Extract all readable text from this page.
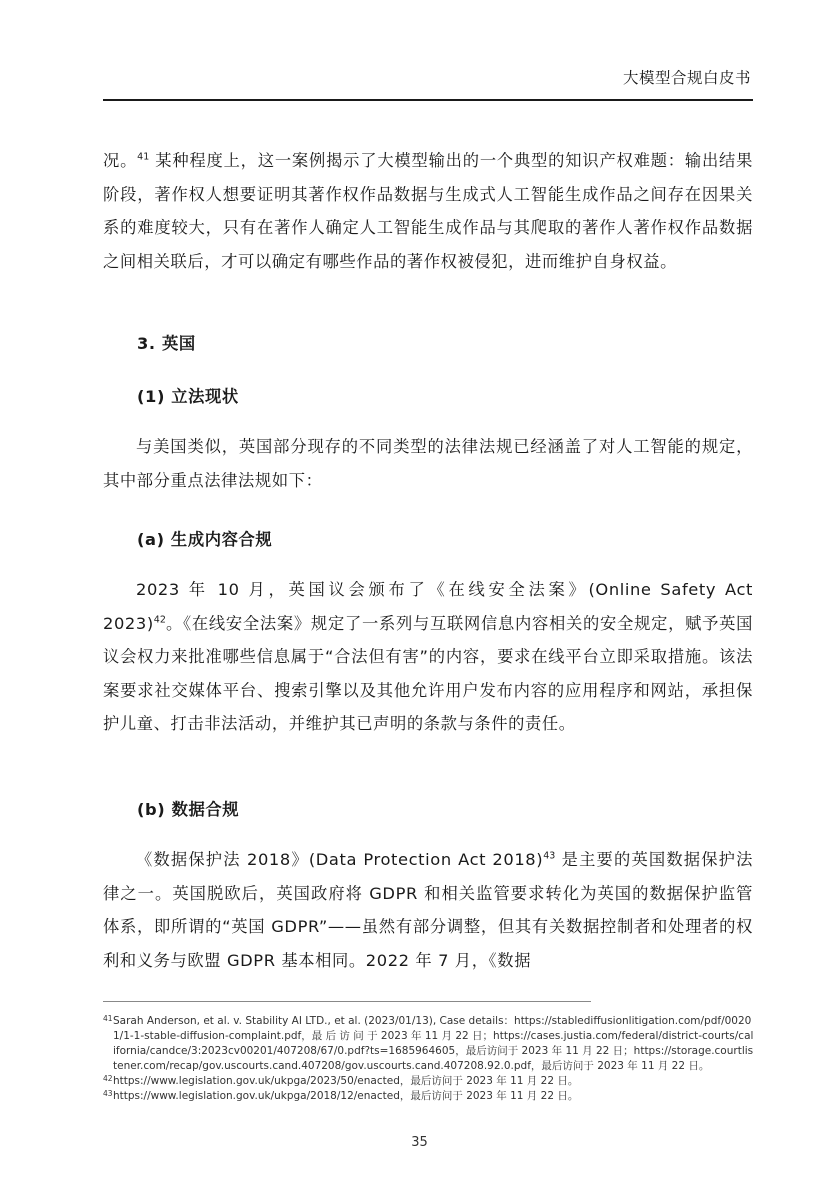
大模型合规白皮书

况。$^{41}$ 某种程度上，这一案例揭示了大模型输出的一个典型的知识产权难题：输出结果阶段，著作权人想要证明其著作权作品数据与生成式人工智能生成作品之间存在因果关系的难度较大，只有在著作人确定人工智能生成作品与其爬取的著作人著作权作品数据之间相关联后，才可以确定有哪些作品的著作权被侵犯，进而维护自身权益。

3. 英国
(1) 立法现状

与美国类似，英国部分现存的不同类型的法律法规已经涵盖了对人工智能的规定，其中部分重点法律法规如下：

(a) 生成内容合规

2023 年 10 月，英国议会颁布了《在线安全法案》(Online Safety Act 2023)$^{42}$。《在线安全法案》规定了一系列与互联网信息内容相关的安全规定，赋予英国议会权力来批准哪些信息属于“合法但有害”的内容，要求在线平台立即采取措施。该法案要求社交媒体平台、搜索引擎以及其他允许用户发布内容的应用程序和网站，承担保护儿童、打击非法活动，并维护其已声明的条款与条件的责任。

(b) 数据合规

《数据保护法 2018》(Data Protection Act 2018)$^{43}$ 是主要的英国数据保护法律之一。英国脱欧后，英国政府将 GDPR 和相关监管要求转化为英国的数据保护监管体系，即所谓的“英国 GDPR”——虽然有部分调整，但其有关数据控制者和处理者的权利和义务与欧盟 GDPR 基本相同。2022 年 7 月，《数据

41 Sarah Anderson, et al. v. Stability AI LTD., et al. (2023/01/13), Case details：https://stablediffusionlitigation.com/pdf/00201/1-1-stable-diffusion-complaint.pdf，最 后 访 问 于 2023 年 11 月 22 日；https://cases.justia.com/federal/district-courts/california/candce/3:2023cv00201/407208/67/0.pdf?ts=1685964605，最后访问于 2023 年 11 月 22 日；https://storage.courtlistener.com/recap/gov.uscourts.cand.407208/gov.uscourts.cand.407208.92.0.pdf，最后访问于 2023 年 11 月 22 日。

42 https://www.legislation.gov.uk/ukpga/2023/50/enacted，最后访问于 2023 年 11 月 22 日。

43 https://www.legislation.gov.uk/ukpga/2018/12/enacted，最后访问于 2023 年 11 月 22 日。

35
